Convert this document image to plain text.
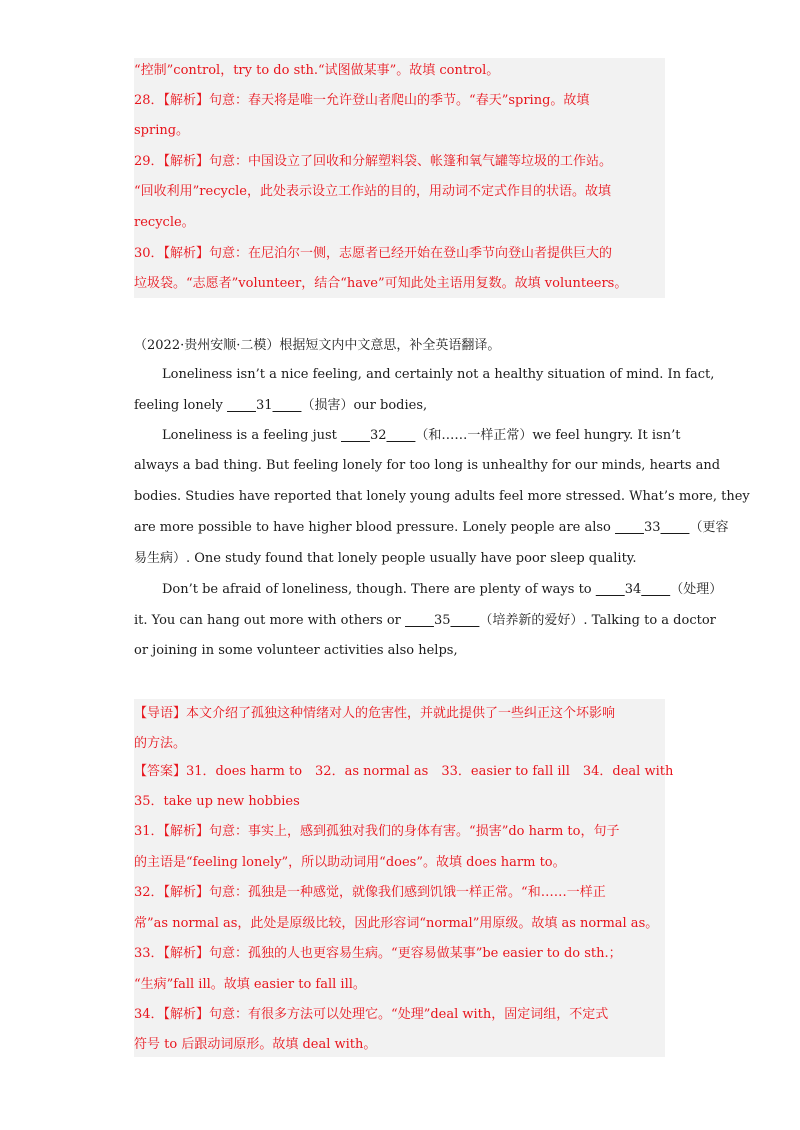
“控制”control，try to do sth.“试图做某事”。故填 control。
28．【解析】句意：春天将是唯一允许登山者爬山的季节。“春天”spring。故填
spring。
29．【解析】句意：中国设立了回收和分解塑料袋、帐篷和氧气罐等垃圾的工作站。
“回收利用”recycle，此处表示设立工作站的目的，用动词不定式作目的状语。故填
recycle。
30．【解析】句意：在尼泊尔一侧，志愿者已经开始在登山季节向登山者提供巨大的
垃圾袋。“志愿者”volunteer，结合“have”可知此处主语用复数。故填 volunteers。
（2022·贵州安顺·二模）根据短文内中文意思，补全英语翻译。
Loneliness isn’t a nice feeling, and certainly not a healthy situation of mind. In fact,
feeling lonely        31 （损害）our bodies,
Loneliness is a feeling just        32 （和……一样正常）we feel hungry. It isn’t
always a bad thing. But feeling lonely for too long is unhealthy for our minds, hearts and
bodies. Studies have reported that lonely young adults feel more stressed. What’s more, they
are more possible to have higher blood pressure. Lonely people are also        33 （更容
易生病）. One study found that lonely people usually have poor sleep quality.
Don’t be afraid of loneliness, though. There are plenty of ways to        34 （处理）
it. You can hang out more with others or        35 （培养新的爱好）. Talking to a doctor
or joining in some volunteer activities also helps,
【导语】本文介绍了孤独这种情绪对人的危害性，并就此提供了一些纠正这个坏影响
的方法。
【答案】31．does harm to　32．as normal as　33．easier to fall ill　34．deal with
35．take up new hobbies
31．【解析】句意：事实上，感到孤独对我们的身体有害。“损害”do harm to，句子
的主语是“feeling lonely”，所以助动词用“does”。故填 does harm to。
32．【解析】句意：孤独是一种感觉，就像我们感到饥饿一样正常。“和……一样正
常”as normal as，此处是原级比较，因此形容词“normal”用原级。故填 as normal as。
33．【解析】句意：孤独的人也更容易生病。“更容易做某事”be easier to do sth.；
“生病”fall ill。故填 easier to fall ill。
34．【解析】句意：有很多方法可以处理它。“处理”deal with，固定词组，不定式
符号 to 后跟动词原形。故填 deal with。
